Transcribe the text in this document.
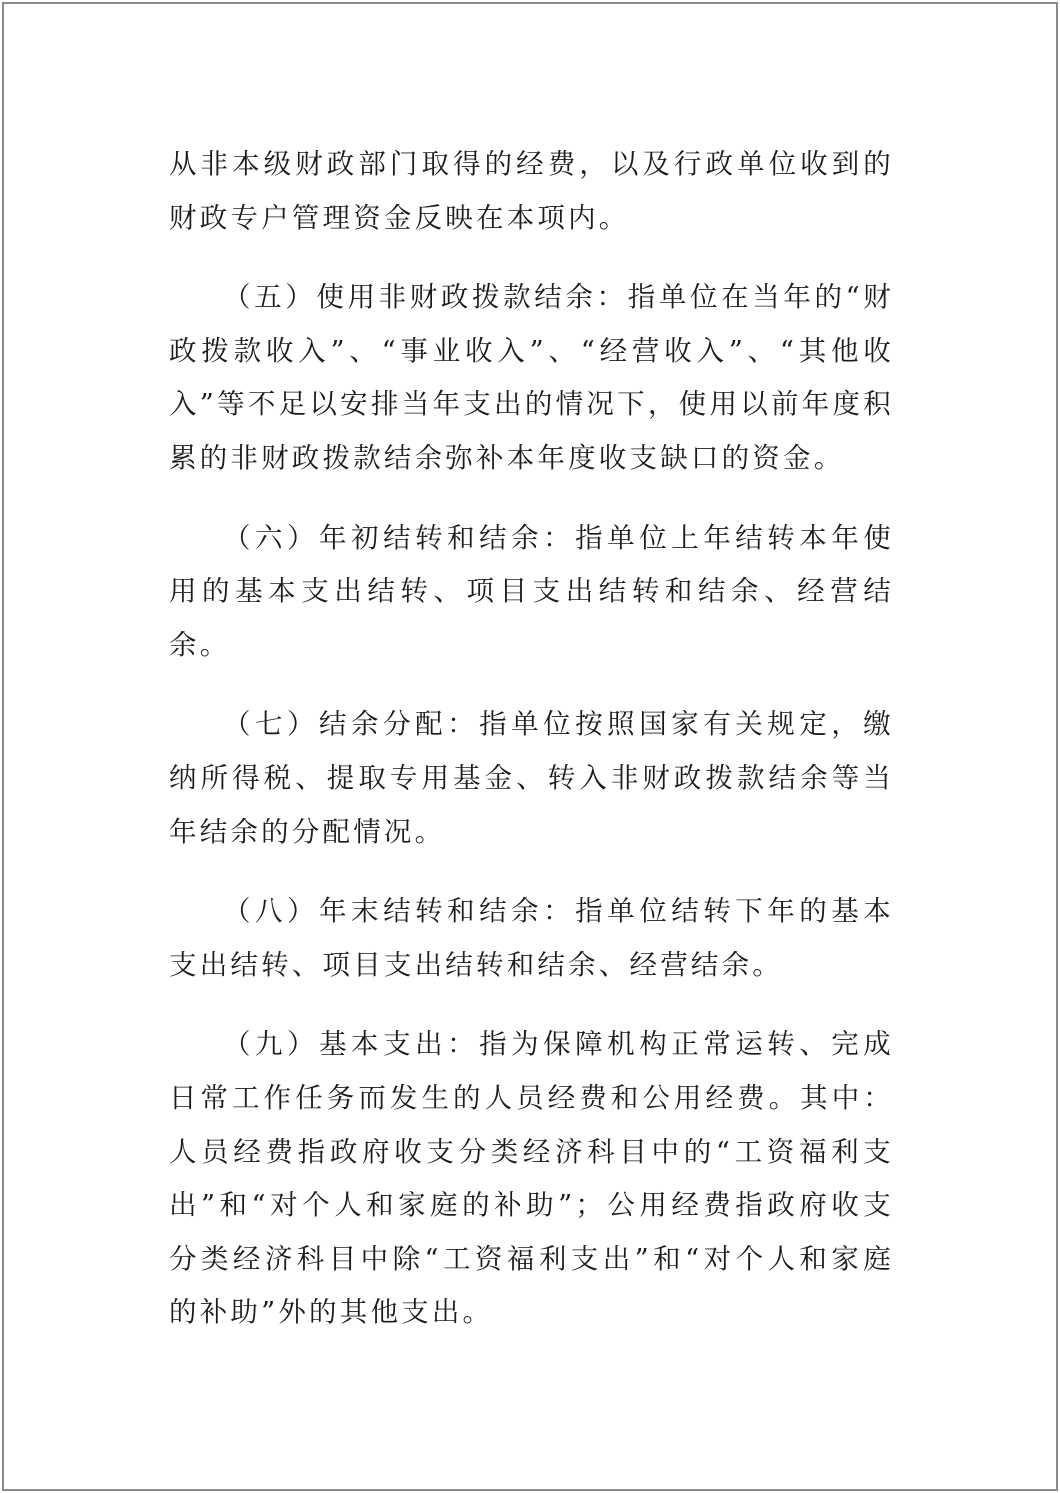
从非本级财政部门取得的经费，以及行政单位收到的财政专户管理资金反映在本项内。

（五）使用非财政拨款结余：指单位在当年的“财政拨款收入”、“事业收入”、“经营收入”、“其他收入”等不足以安排当年支出的情况下，使用以前年度积累的非财政拨款结余弥补本年度收支缺口的资金。

（六）年初结转和结余：指单位上年结转本年使用的基本支出结转、项目支出结转和结余、经营结余。

（七）结余分配：指单位按照国家有关规定，缴纳所得税、提取专用基金、转入非财政拨款结余等当年结余的分配情况。

（八）年末结转和结余：指单位结转下年的基本支出结转、项目支出结转和结余、经营结余。

（九）基本支出：指为保障机构正常运转、完成日常工作任务而发生的人员经费和公用经费。其中：人员经费指政府收支分类经济科目中的“工资福利支出”和“对个人和家庭的补助”；公用经费指政府收支分类经济科目中除“工资福利支出”和“对个人和家庭的补助”外的其他支出。
